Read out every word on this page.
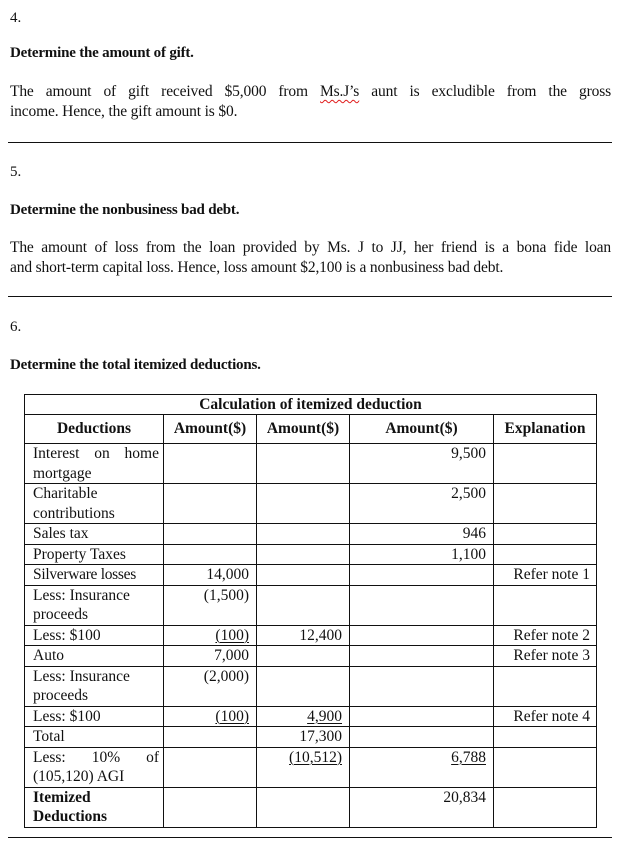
4.
Determine the amount of gift.
The amount of gift received $5,000 from Ms.J’s aunt is excludible from the gross
income. Hence, the gift amount is $0.
5.
Determine the nonbusiness bad debt.
The amount of loss from the loan provided by Ms. J to JJ, her friend is a bona fide loan
and short-term capital loss. Hence, loss amount $2,100 is a nonbusiness bad debt.
6.
Determine the total itemized deductions.
Calculation of itemized deduction				
Deductions	Amount($)	Amount($)	Amount($)	Explanation
Interest on home mortgage			9,500	
Charitable contributions			2,500	
Sales tax			946	
Property Taxes			1,100	
Silverware losses	14,000			Refer note 1
Less: Insurance proceeds	(1,500)			
Less: $100	(100)	12,400		Refer note 2
Auto	7,000			Refer note 3
Less: Insurance proceeds	(2,000)			
Less: $100	(100)	4,900		Refer note 4
Total		17,300		
Less: 10% of (105,120) AGI		(10,512)	6,788	
Itemized Deductions			20,834	
